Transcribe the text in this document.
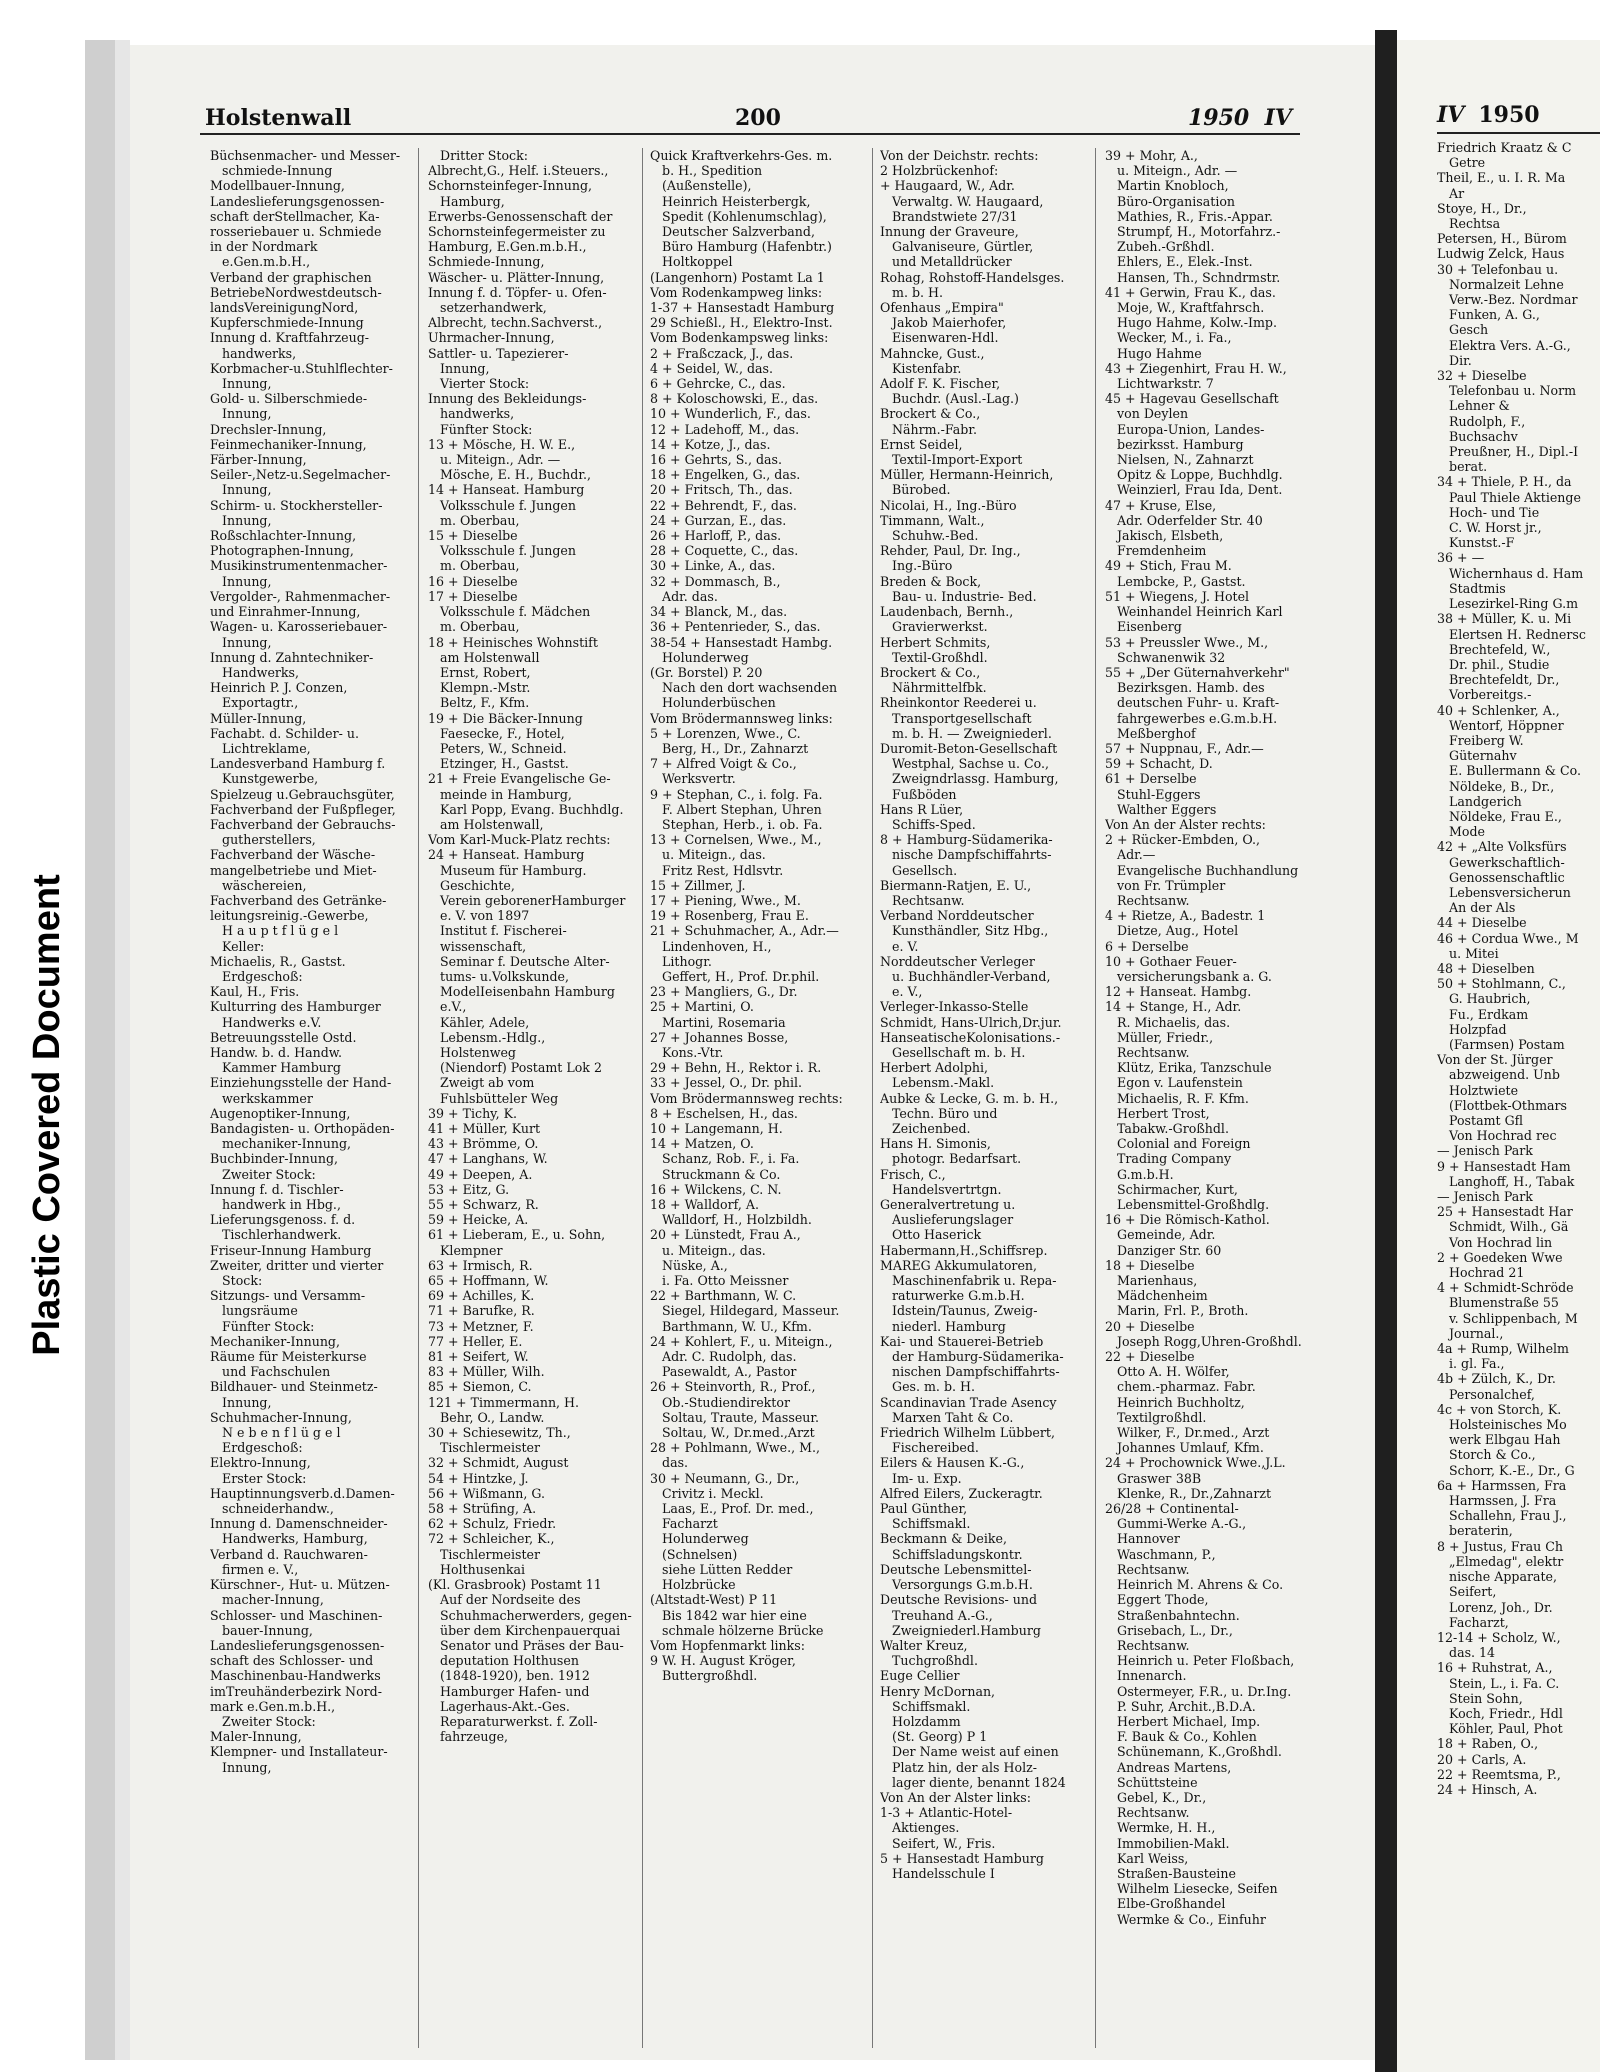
Plastic Covered Document
Holstenwall	200	1950 IV
Büchsenmacher- und Messer-
schmiede-Innung
Modellbauer-Innung,
Landeslieferungsgenossen-
schaft derStellmacher, Ka-
rosseriebauer u. Schmiede
in der Nordmark
e.Gen.m.b.H.,
Verband der graphischen
BetriebeNordwestdeutsch-
landsVereinigungNord,
Kupferschmiede-Innung
Innung d. Kraftfahrzeug-
handwerks,
Korbmacher-u.Stuhlflechter-
Innung,
Gold- u. Silberschmiede-
Innung,
Drechsler-Innung,
Feinmechaniker-Innung,
Färber-Innung,
Seiler-,Netz-u.Segelmacher-
Innung,
Schirm- u. Stockhersteller-
Innung,
Roßschlachter-Innung,
Photographen-Innung,
Musikinstrumentenmacher-
Innung,
Vergolder-, Rahmenmacher-
und Einrahmer-Innung,
Wagen- u. Karosseriebauer-
Innung,
Innung d. Zahntechniker-
Handwerks,
Heinrich P. J. Conzen,
Exportagtr.,
Müller-Innung,
Fachabt. d. Schilder- u.
Lichtreklame,
Landesverband Hamburg f.
Kunstgewerbe,
Spielzeug u.Gebrauchsgüter,
Fachverband der Fußpfleger,
Fachverband der Gebrauchs-
gutherstellers,
Fachverband der Wäsche-
mangelbetriebe und Miet-
wäschereien,
Fachverband des Getränke-
leitungsreinig.-Gewerbe,
H a u p t f l ü g e l
Keller:
Michaelis, R., Gastst.
Erdgeschoß:
Kaul, H., Fris.
Kulturring des Hamburger
Handwerks e.V.
Betreuungsstelle Ostd.
Handw. b. d. Handw.
Kammer Hamburg
Einziehungsstelle der Hand-
werkskammer
Augenoptiker-Innung,
Bandagisten- u. Orthopäden-
mechaniker-Innung,
Buchbinder-Innung,
Zweiter Stock:
Innung f. d. Tischler-
handwerk in Hbg.,
Lieferungsgenoss. f. d.
Tischlerhandwerk.
Friseur-Innung Hamburg
Zweiter, dritter und vierter
Stock:
Sitzungs- und Versamm-
lungsräume
Fünfter Stock:
Mechaniker-Innung,
Räume für Meisterkurse
und Fachschulen
Bildhauer- und Steinmetz-
Innung,
Schuhmacher-Innung,
N e b e n f l ü g e l
Erdgeschoß:
Elektro-Innung,
Erster Stock:
Hauptinnungsverb.d.Damen-
schneiderhandw.,
Innung d. Damenschneider-
Handwerks, Hamburg,
Verband d. Rauchwaren-
firmen e. V.,
Kürschner-, Hut- u. Mützen-
macher-Innung,
Schlosser- und Maschinen-
bauer-Innung,
Landeslieferungsgenossen-
schaft des Schlosser- und
Maschinenbau-Handwerks
imTreuhänderbezirk Nord-
mark e.Gen.m.b.H.,
Zweiter Stock:
Maler-Innung,
Klempner- und Installateur-
Innung,
Dritter Stock:
Albrecht,G., Helf. i.Steuers.,
Schornsteinfeger-Innung,
Hamburg,
Erwerbs-Genossenschaft der
Schornsteinfegermeister zu
Hamburg, E.Gen.m.b.H.,
Schmiede-Innung,
Wäscher- u. Plätter-Innung,
Innung f. d. Töpfer- u. Ofen-
setzerhandwerk,
Albrecht, techn.Sachverst.,
Uhrmacher-Innung,
Sattler- u. Tapezierer-
Innung,
Vierter Stock:
Innung des Bekleidungs-
handwerks,
Fünfter Stock:
13 + Mösche, H. W. E.,
u. Miteign., Adr. —
Mösche, E. H., Buchdr.,
14 + Hanseat. Hamburg
Volksschule f. Jungen
m. Oberbau,
15 + Dieselbe
Volksschule f. Jungen
m. Oberbau,
16 + Dieselbe
17 + Dieselbe
Volksschule f. Mädchen
m. Oberbau,
18 + Heinisches Wohnstift
am Holstenwall
Ernst, Robert,
Klempn.-Mstr.
Beltz, F., Kfm.
19 + Die Bäcker-Innung
Faesecke, F., Hotel,
Peters, W., Schneid.
Etzinger, H., Gastst.
21 + Freie Evangelische Ge-
meinde in Hamburg,
Karl Popp, Evang. Buchhdlg.
am Holstenwall,
Vom Karl-Muck-Platz rechts:
24 + Hanseat. Hamburg
Museum für Hamburg.
Geschichte,
Verein geborenerHamburger
e. V. von 1897
Institut f. Fischerei-
wissenschaft,
Seminar f. Deutsche Alter-
tums- u.Volkskunde,
ModelIeisenbahn Hamburg
e.V.,
Kähler, Adele,
Lebensm.-Hdlg.,
Holstenweg
(Niendorf) Postamt Lok 2
Zweigt ab vom
Fuhlsbütteler Weg
39 + Tichy, K.
41 + Müller, Kurt
43 + Brömme, O.
47 + Langhans, W.
49 + Deepen, A.
53 + Eitz, G.
55 + Schwarz, R.
59 + Heicke, A.
61 + Lieberam, E., u. Sohn,
Klempner
63 + Irmisch, R.
65 + Hoffmann, W.
69 + Achilles, K.
71 + Barufke, R.
73 + Metzner, F.
77 + Heller, E.
81 + Seifert, W.
83 + Müller, Wilh.
85 + Siemon, C.
121 + Timmermann, H.
Behr, O., Landw.
30 + Schiesewitz, Th.,
Tischlermeister
32 + Schmidt, August
54 + Hintzke, J.
56 + Wißmann, G.
58 + Strüfing, A.
62 + Schulz, Friedr.
72 + Schleicher, K.,
Tischlermeister
Holthusenkai
(Kl. Grasbrook) Postamt 11
Auf der Nordseite des
Schuhmacherwerders, gegen-
über dem Kirchenpauerquai
Senator und Präses der Bau-
deputation Holthusen
(1848-1920), ben. 1912
Hamburger Hafen- und
Lagerhaus-Akt.-Ges.
Reparaturwerkst. f. Zoll-
fahrzeuge,
Quick Kraftverkehrs-Ges. m.
b. H., Spedition
(Außenstelle),
Heinrich Heisterbergk,
Spedit (Kohlenumschlag),
Deutscher Salzverband,
Büro Hamburg (Hafenbtr.)
Holtkoppel
(Langenhorn) Postamt La 1
Vom Rodenkampweg links:
1-37 + Hansestadt Hamburg
29 Schießl., H., Elektro-Inst.
Vom Bodenkampsweg links:
2 + Fraßczack, J., das.
4 + Seidel, W., das.
6 + Gehrcke, C., das.
8 + Koloschowski, E., das.
10 + Wunderlich, F., das.
12 + Ladehoff, M., das.
14 + Kotze, J., das.
16 + Gehrts, S., das.
18 + Engelken, G., das.
20 + Fritsch, Th., das.
22 + Behrendt, F., das.
24 + Gurzan, E., das.
26 + Harloff, P., das.
28 + Coquette, C., das.
30 + Linke, A., das.
32 + Dommasch, B.,
Adr. das.
34 + Blanck, M., das.
36 + Pentenrieder, S., das.
38-54 + Hansestadt Hambg.
Holunderweg
(Gr. Borstel) P. 20
Nach den dort wachsenden
Holunderbüschen
Vom Brödermannsweg links:
5 + Lorenzen, Wwe., C.
Berg, H., Dr., Zahnarzt
7 + Alfred Voigt & Co.,
Werksvertr.
9 + Stephan, C., i. folg. Fa.
F. Albert Stephan, Uhren
Stephan, Herb., i. ob. Fa.
13 + Cornelsen, Wwe., M.,
u. Miteign., das.
Fritz Rest, Hdlsvtr.
15 + Zillmer, J.
17 + Piening, Wwe., M.
19 + Rosenberg, Frau E.
21 + Schuhmacher, A., Adr.—
Lindenhoven, H.,
Lithogr.
Geffert, H., Prof. Dr.phil.
23 + Mangliers, G., Dr.
25 + Martini, O.
Martini, Rosemaria
27 + Johannes Bosse,
Kons.-Vtr.
29 + Behn, H., Rektor i. R.
33 + Jessel, O., Dr. phil.
Vom Brödermannsweg rechts:
8 + Eschelsen, H., das.
10 + Langemann, H.
14 + Matzen, O.
Schanz, Rob. F., i. Fa.
Struckmann & Co.
16 + Wilckens, C. N.
18 + Walldorf, A.
Walldorf, H., Holzbildh.
20 + Lünstedt, Frau A.,
u. Miteign., das.
Nüske, A.,
i. Fa. Otto Meissner
22 + Barthmann, W. C.
Siegel, Hildegard, Masseur.
Barthmann, W. U., Kfm.
24 + Kohlert, F., u. Miteign.,
Adr. C. Rudolph, das.
Pasewaldt, A., Pastor
26 + Steinvorth, R., Prof.,
Ob.-Studiendirektor
Soltau, Traute, Masseur.
Soltau, W., Dr.med.,Arzt
28 + Pohlmann, Wwe., M.,
das.
30 + Neumann, G., Dr.,
Crivitz i. Meckl.
Laas, E., Prof. Dr. med.,
Facharzt
Holunderweg
(Schnelsen)
siehe Lütten Redder
Holzbrücke
(Altstadt-West) P 11
Bis 1842 war hier eine
schmale hölzerne Brücke
Vom Hopfenmarkt links:
9 W. H. August Kröger,
Buttergroßhdl.
Von der Deichstr. rechts:
2 Holzbrückenhof:
+ Haugaard, W., Adr.
Verwaltg. W. Haugaard,
Brandstwiete 27/31
Innung der Graveure,
Galvaniseure, Gürtler,
und Metalldrücker
Rohag, Rohstoff-Handelsges.
m. b. H.
Ofenhaus „Empira"
Jakob Maierhofer,
Eisenwaren-Hdl.
Mahncke, Gust.,
Kistenfabr.
Adolf F. K. Fischer,
Buchdr. (Ausl.-Lag.)
Brockert & Co.,
Nährm.-Fabr.
Ernst Seidel,
Textil-Import-Export
Müller, Hermann-Heinrich,
Bürobed.
Nicolai, H., Ing.-Büro
Timmann, Walt.,
Schuhw.-Bed.
Rehder, Paul, Dr. Ing.,
Ing.-Büro
Breden & Bock,
Bau- u. Industrie- Bed.
Laudenbach, Bernh.,
Gravierwerkst.
Herbert Schmits,
Textil-Großhdl.
Brockert & Co.,
Nährmittelfbk.
Rheinkontor Reederei u.
Transportgesellschaft
m. b. H. — Zweigniederl.
Duromit-Beton-Gesellschaft
Westphal, Sachse u. Co.,
Zweigndrlassg. Hamburg,
Fußböden
Hans R Lüer,
Schiffs-Sped.
8 + Hamburg-Südamerika-
nische Dampfschiffahrts-
Gesellsch.
Biermann-Ratjen, E. U.,
Rechtsanw.
Verband Norddeutscher
Kunsthändler, Sitz Hbg.,
e. V.
Norddeutscher Verleger
u. Buchhändler-Verband,
e. V.,
Verleger-Inkasso-Stelle
Schmidt, Hans-Ulrich,Dr.jur.
HanseatischeKolonisations.-
Gesellschaft m. b. H.
Herbert Adolphi,
Lebensm.-Makl.
Aubke & Lecke, G. m. b. H.,
Techn. Büro und
Zeichenbed.
Hans H. Simonis,
photogr. Bedarfsart.
Frisch, C.,
Handelsvertrtgn.
Generalvertretung u.
Auslieferungslager
Otto Haserick
Habermann,H.,Schiffsrep.
MAREG Akkumulatoren,
Maschinenfabrik u. Repa-
raturwerke G.m.b.H.
Idstein/Taunus, Zweig-
niederl. Hamburg
Kai- und Stauerei-Betrieb
der Hamburg-Südamerika-
nischen Dampfschiffahrts-
Ges. m. b. H.
Scandinavian Trade Asency
Marxen Taht & Co.
Friedrich Wilhelm Lübbert,
Fischereibed.
Eilers & Hausen K.-G.,
Im- u. Exp.
Alfred Eilers, Zuckeragtr.
Paul Günther,
Schiffsmakl.
Beckmann & Deike,
Schiffsladungskontr.
Deutsche Lebensmittel-
Versorgungs G.m.b.H.
Deutsche Revisions- und
Treuhand A.-G.,
Zweigniederl.Hamburg
Walter Kreuz,
Tuchgroßhdl.
Euge Cellier
Henry McDornan,
Schiffsmakl.
Holzdamm
(St. Georg) P 1
Der Name weist auf einen
Platz hin, der als Holz-
lager diente, benannt 1824
Von An der Alster links:
1-3 + Atlantic-Hotel-
Aktienges.
Seifert, W., Fris.
5 + Hansestadt Hamburg
Handelsschule I
39 + Mohr, A.,
u. Miteign., Adr. —
Martin Knobloch,
Büro-Organisation
Mathies, R., Fris.-Appar.
Strumpf, H., Motorfahrz.-
Zubeh.-Grßhdl.
Ehlers, E., Elek.-Inst.
Hansen, Th., Schndrmstr.
41 + Gerwin, Frau K., das.
Moje, W., Kraftfahrsch.
Hugo Hahme, Kolw.-Imp.
Wecker, M., i. Fa.,
Hugo Hahme
43 + Ziegenhirt, Frau H. W.,
Lichtwarkstr. 7
45 + Hagevau Gesellschaft
von Deylen
Europa-Union, Landes-
bezirksst. Hamburg
Nielsen, N., Zahnarzt
Opitz & Loppe, Buchhdlg.
Weinzierl, Frau Ida, Dent.
47 + Kruse, Else,
Adr. Oderfelder Str. 40
Jakisch, Elsbeth,
Fremdenheim
49 + Stich, Frau M.
Lembcke, P., Gastst.
51 + Wiegens, J. Hotel
Weinhandel Heinrich Karl
Eisenberg
53 + Preussler Wwe., M.,
Schwanenwik 32
55 + „Der Güternahverkehr"
Bezirksgen. Hamb. des
deutschen Fuhr- u. Kraft-
fahrgewerbes e.G.m.b.H.
Meßberghof
57 + Nuppnau, F., Adr.—
59 + Schacht, D.
61 + Derselbe
Stuhl-Eggers
Walther Eggers
Von An der Alster rechts:
2 + Rücker-Embden, O.,
Adr.—
Evangelische Buchhandlung
von Fr. Trümpler
Rechtsanw.
4 + Rietze, A., Badestr. 1
Dietze, Aug., Hotel
6 + Derselbe
10 + Gothaer Feuer-
versicherungsbank a. G.
12 + Hanseat. Hambg.
14 + Stange, H., Adr.
R. Michaelis, das.
Müller, Friedr.,
Rechtsanw.
Klütz, Erika, Tanzschule
Egon v. Laufenstein
Michaelis, R. F. Kfm.
Herbert Trost,
Tabakw.-Großhdl.
Colonial and Foreign
Trading Company
G.m.b.H.
Schirmacher, Kurt,
Lebensmittel-Großhdlg.
16 + Die Römisch-Kathol.
Gemeinde, Adr.
Danziger Str. 60
18 + Dieselbe
Marienhaus,
Mädchenheim
Marin, Frl. P., Broth.
20 + Dieselbe
Joseph Rogg,Uhren-Großhdl.
22 + Dieselbe
Otto A. H. Wölfer,
chem.-pharmaz. Fabr.
Heinrich Buchholtz,
Textilgroßhdl.
Wilker, F., Dr.med., Arzt
Johannes Umlauf, Kfm.
24 + Prochownick Wwe.,J.L.
Graswег 38B
Klenke, R., Dr.,Zahnarzt
26/28 + Continental-
Gummi-Werke A.-G.,
Hannover
Waschmann, P.,
Rechtsanw.
Heinrich M. Ahrens & Co.
Eggert Thode,
Straßenbahntechn.
Grisebach, L., Dr.,
Rechtsanw.
Heinrich u. Peter Floßbach,
Innenarch.
Ostermeyer, F.R., u. Dr.Ing.
P. Suhr, Archit.,B.D.A.
Herbert Michael, Imp.
F. Bauk & Co., Kohlen
Schünemann, K.,Großhdl.
Andreas Martens,
Schüttsteine
Gebel, K., Dr.,
Rechtsanw.
Wermke, H. H.,
Immobilien-Makl.
Karl Weiss,
Straßen-Bausteine
Wilhelm Liesecke, Seifen
Elbe-Großhandel
Wermke & Co., Einfuhr
IV 1950
Friedrich Kraatz & C
Getre
Theil, E., u. I. R. Ma
Ar
Stoye, H., Dr.,
Rechtsa
Petersen, H., Bürom
Ludwig Zelck, Haus
30 + Telefonbau u.
Normalzeit Lehne
Verw.-Bez. Nordmar
Funken, A. G.,
Gesch
Elektra Vers. A.-G.,
Dir.
32 + Dieselbe
Telefonbau u. Norm
Lehner &
Rudolph, F.,
Buchsachv
Preußner, H., Dipl.-I
berat.
34 + Thiele, P. H., da
Paul Thiele Aktienge
Hoch- und Tie
C. W. Horst jr.,
Kunstst.-F
36 + —
Wichernhaus d. Ham
Stadtmis
Lesezirkel-Ring G.m
38 + Müller, K. u. Mi
Elertsen H. Rednersc
Brechtefeld, W.,
Dr. phil., Studie
Brechtefeldt, Dr.,
Vorbereitgs.-
40 + Schlenker, A.,
Wentorf, Höppner
Freiberg W.
Güternahv
E. Bullermann & Co.
Nöldeke, B., Dr.,
Landgerich
Nöldeke, Frau E.,
Mode
42 + „Alte Volksfürs
Gewerkschaftlich-
Genossenschaftlic
Lebensversicherun
An der Als
44 + Dieselbe
46 + Cordua Wwe., M
u. Mitei
48 + Dieselben
50 + Stohlmann, C.,
G. Haubrich,
Fu., Erdkam
Holzpfad
(Farmsen) Postam
Von der St. Jürger
abzweigend. Unb
Holztwiete
(Flottbek-Othmars
Postamt Gfl
Von Hochrad rec
— Jenisch Park
9 + Hansestadt Ham
Langhoff, H., Tabak
— Jenisch Park
25 + Hansestadt Har
Schmidt, Wilh., Gä
Von Hochrad lin
2 + Goedeken Wwe
Hochrad 21
4 + Schmidt-Schröde
Blumenstraße 55
v. Schlippenbach, M
Journal.,
4a + Rump, Wilhelm
i. gl. Fa.,
4b + Zülch, K., Dr.
Personalchef,
4c + von Storch, K.
Holsteinisches Mo
werk Elbgau Hah
Storch & Co.,
Schorr, K.-E., Dr., G
6a + Harmssen, Fra
Harmssen, J. Fra
Schallehn, Frau J.,
beraterin,
8 + Justus, Frau Ch
„Elmedag", elektr
nische Apparate,
Seifert,
Lorenz, Joh., Dr.
Facharzt,
12-14 + Scholz, W.,
das. 14
16 + Ruhstrat, A.,
Stein, L., i. Fa. C.
Stein Sohn,
Koch, Friedr., Hdl
Köhler, Paul, Phot
18 + Raben, O.,
20 + Carls, A.
22 + Reemtsma, P.,
24 + Hinsch, A.
